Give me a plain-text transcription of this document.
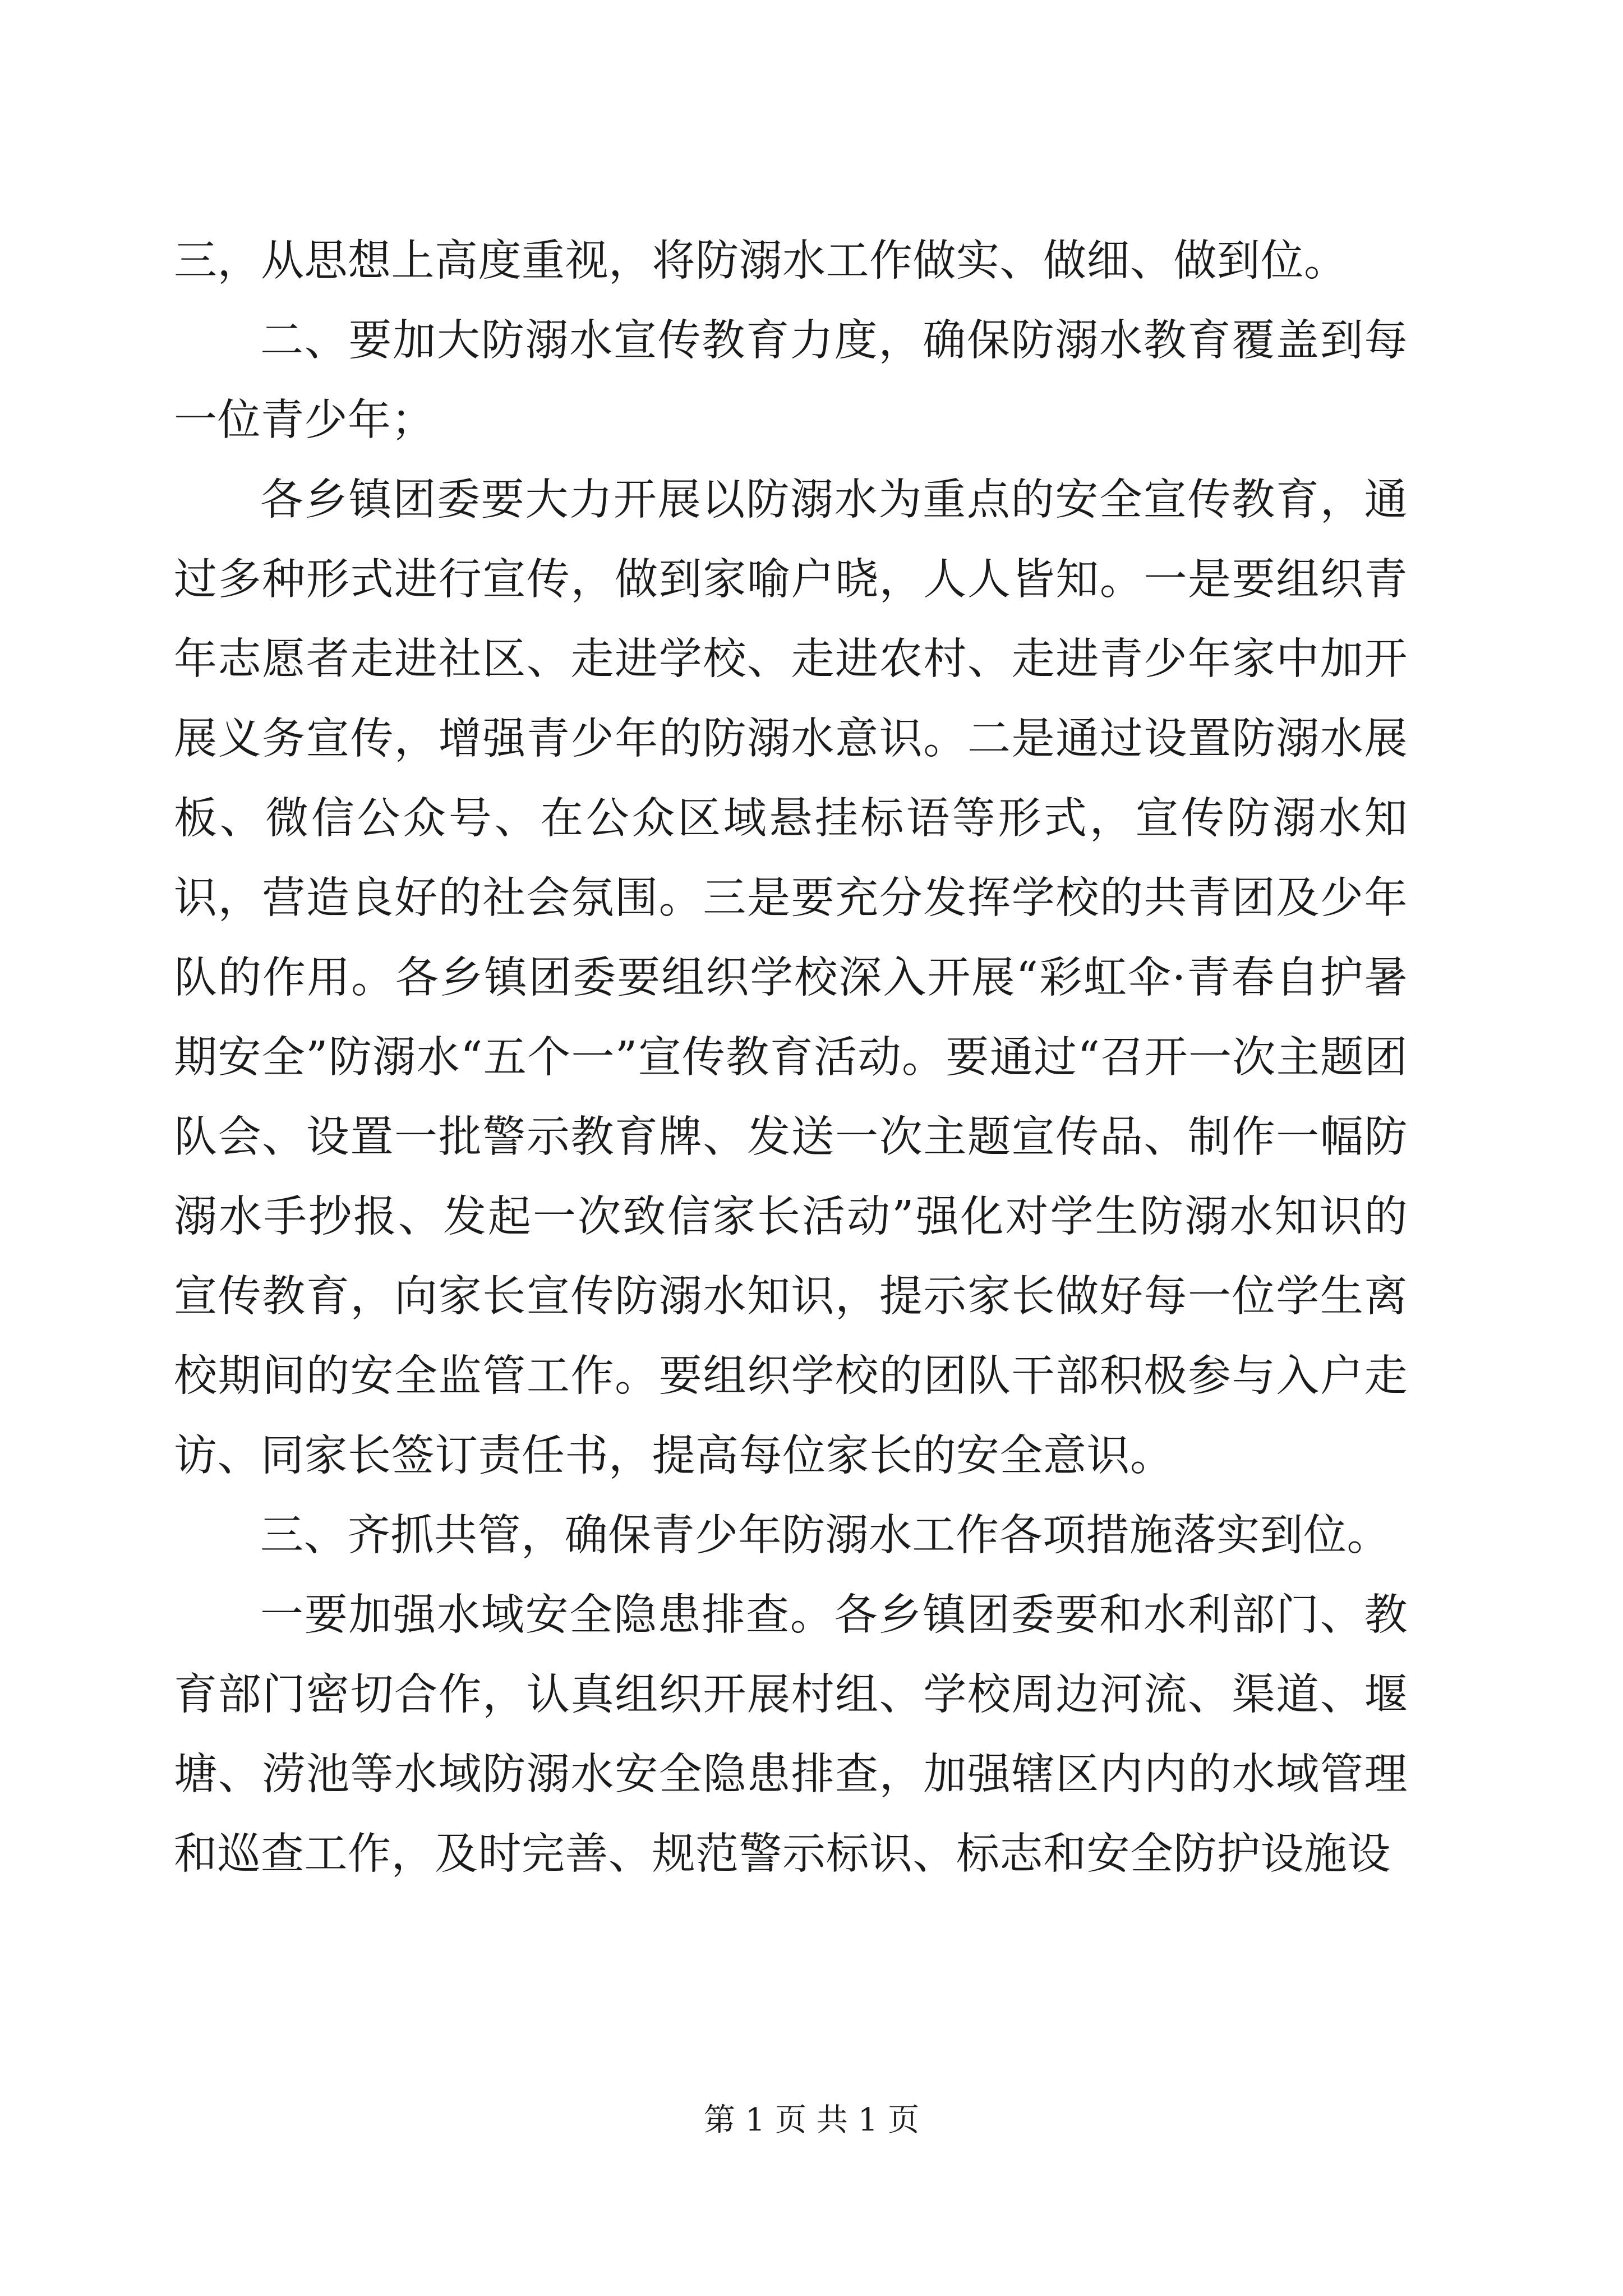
三，从思想上高度重视，将防溺水工作做实、做细、做到位。

二、要加大防溺水宣传教育力度，确保防溺水教育覆盖到每一位青少年；

各乡镇团委要大力开展以防溺水为重点的安全宣传教育，通过多种形式进行宣传，做到家喻户晓，人人皆知。一是要组织青年志愿者走进社区、走进学校、走进农村、走进青少年家中加开展义务宣传，增强青少年的防溺水意识。二是通过设置防溺水展板、微信公众号、在公众区域悬挂标语等形式，宣传防溺水知识，营造良好的社会氛围。三是要充分发挥学校的共青团及少年队的作用。各乡镇团委要组织学校深入开展“彩虹伞·青春自护暑期安全”防溺水“五个一”宣传教育活动。要通过“召开一次主题团队会、设置一批警示教育牌、发送一次主题宣传品、制作一幅防溺水手抄报、发起一次致信家长活动”强化对学生防溺水知识的宣传教育，向家长宣传防溺水知识，提示家长做好每一位学生离校期间的安全监管工作。要组织学校的团队干部积极参与入户走访、同家长签订责任书，提高每位家长的安全意识。

三、齐抓共管，确保青少年防溺水工作各项措施落实到位。

一要加强水域安全隐患排查。各乡镇团委要和水利部门、教育部门密切合作，认真组织开展村组、学校周边河流、渠道、堰塘、涝池等水域防溺水安全隐患排查，加强辖区内内的水域管理和巡查工作，及时完善、规范警示标识、标志和安全防护设施设

第 1 页 共 1 页
